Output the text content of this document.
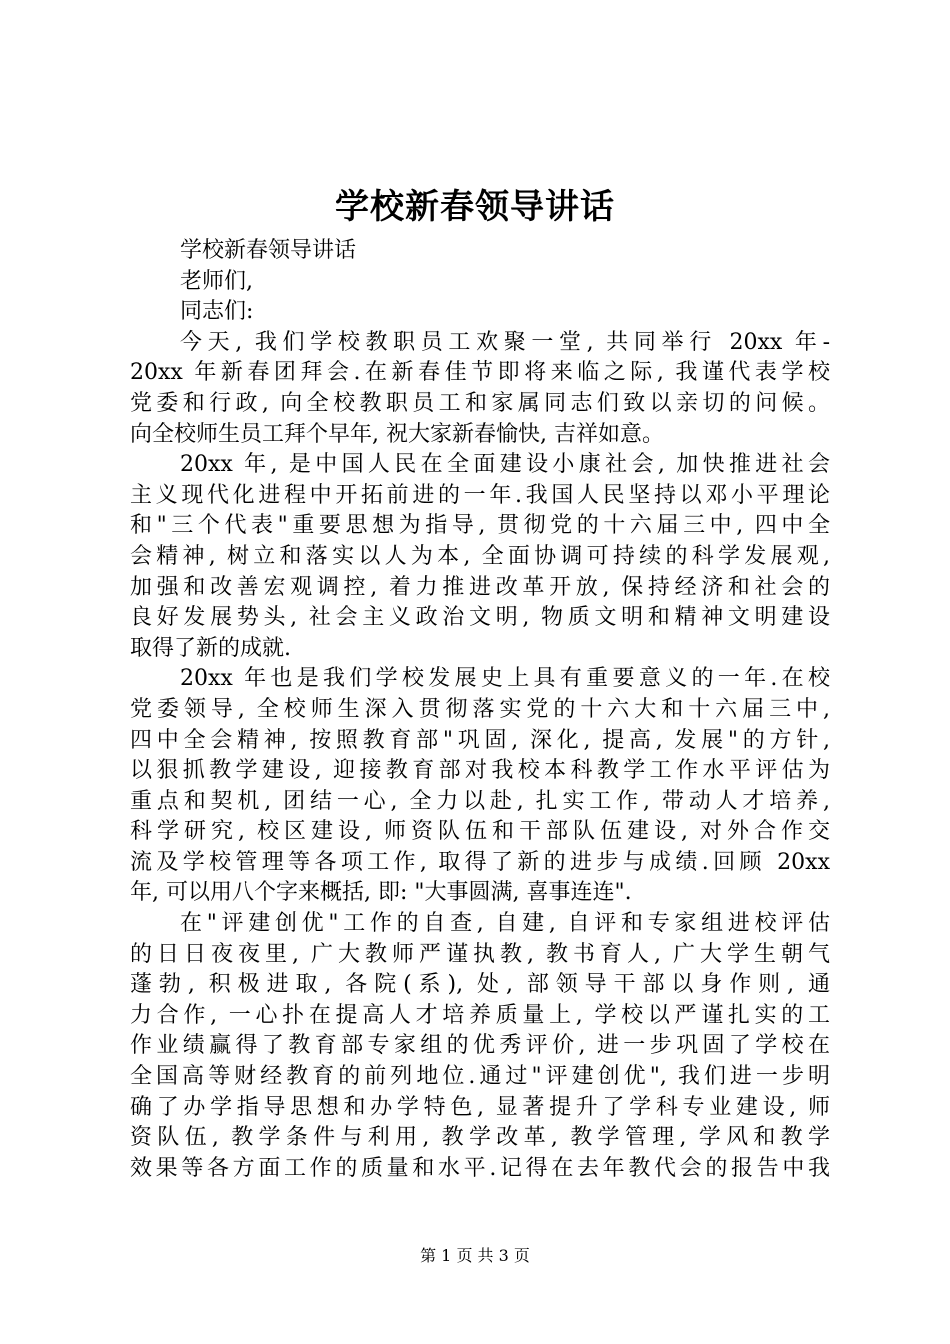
学校新春领导讲话
学校新春领导讲话
老师们,
同志们:
今天, 我们学校教职员工欢聚一堂, 共同举行 20xx 年-
20xx 年新春团拜会.在新春佳节即将来临之际, 我谨代表学校
党委和行政, 向全校教职员工和家属同志们致以亲切的问候。
向全校师生员工拜个早年, 祝大家新春愉快, 吉祥如意。
20xx 年, 是中国人民在全面建设小康社会, 加快推进社会
主义现代化进程中开拓前进的一年.我国人民坚持以邓小平理论
和"三个代表"重要思想为指导, 贯彻党的十六届三中, 四中全
会精神, 树立和落实以人为本, 全面协调可持续的科学发展观,
加强和改善宏观调控, 着力推进改革开放, 保持经济和社会的
良好发展势头, 社会主义政治文明, 物质文明和精神文明建设
取得了新的成就.
20xx 年也是我们学校发展史上具有重要意义的一年.在校
党委领导, 全校师生深入贯彻落实党的十六大和十六届三中,
四中全会精神, 按照教育部"巩固, 深化, 提高, 发展"的方针,
以狠抓教学建设, 迎接教育部对我校本科教学工作水平评估为
重点和契机, 团结一心, 全力以赴, 扎实工作, 带动人才培养,
科学研究, 校区建设, 师资队伍和干部队伍建设, 对外合作交
流及学校管理等各项工作, 取得了新的进步与成绩.回顾 20xx
年, 可以用八个字来概括, 即: "大事圆满, 喜事连连".
在"评建创优"工作的自查, 自建, 自评和专家组进校评估
的日日夜夜里, 广大教师严谨执教, 教书育人, 广大学生朝气
蓬勃, 积极进取, 各院(系), 处, 部领导干部以身作则, 通
力合作, 一心扑在提高人才培养质量上, 学校以严谨扎实的工
作业绩赢得了教育部专家组的优秀评价, 进一步巩固了学校在
全国高等财经教育的前列地位.通过"评建创优", 我们进一步明
确了办学指导思想和办学特色, 显著提升了学科专业建设, 师
资队伍, 教学条件与利用, 教学改革, 教学管理, 学风和教学
效果等各方面工作的质量和水平.记得在去年教代会的报告中我
第 1 页 共 3 页
